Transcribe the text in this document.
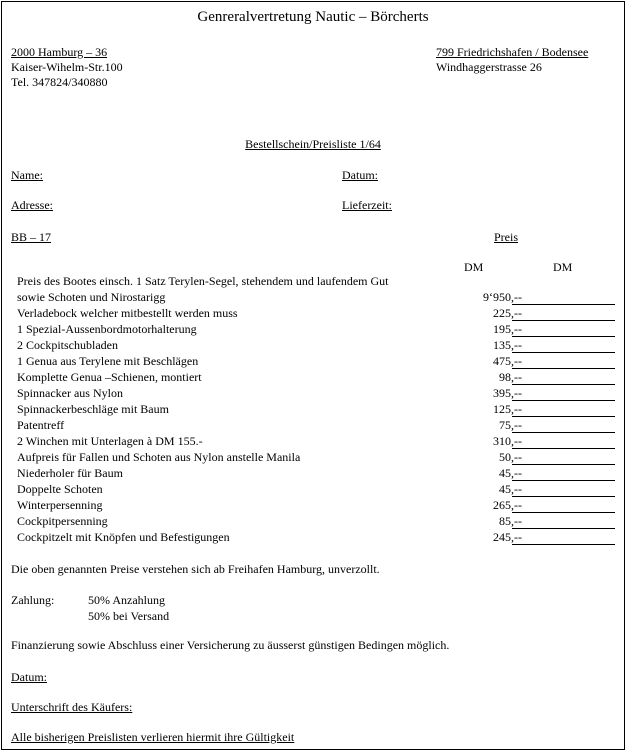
Genreralvertretung Nautic – Börcherts
2000 Hamburg – 36
Kaiser-Wihelm-Str.100
Tel. 347824/340880
799 Friedrichshafen / Bodensee
Windhaggerstrasse 26
Bestellschein/Preisliste 1/64
Name:	Datum:
Adresse:	Lieferzeit:
BB – 17	Preis
DM	DM
Preis des Bootes einsch. 1 Satz Terylen-Segel, stehendem und laufendem Gut
sowie Schoten und Nirostarigg	9‘950,--
Verladebock welcher mitbestellt werden muss	225,--
1 Spezial-Aussenbordmotorhalterung	195,--
2 Cockpitschubladen	135,--
1 Genua aus Terylene mit Beschlägen	475,--
Komplette Genua –Schienen, montiert	98,--
Spinnacker aus Nylon	395,--
Spinnackerbeschläge mit Baum	125,--
Patentreff	75,--
2 Winchen mit Unterlagen à DM 155.-	310,--
Aufpreis für Fallen und Schoten aus Nylon anstelle Manila	50,--
Niederholer für Baum	45,--
Doppelte Schoten	45,--
Winterpersenning	265,--
Cockpitpersenning	85,--
Cockpitzelt mit Knöpfen und Befestigungen	245,--
Die oben genannten Preise verstehen sich ab Freihafen Hamburg, unverzollt.
Zahlung:	50% Anzahlung
50% bei Versand
Finanzierung sowie Abschluss einer Versicherung zu äusserst günstigen Bedingen möglich.
Datum:
Unterschrift des Käufers:
Alle bisherigen Preislisten verlieren hiermit ihre Gültigkeit
